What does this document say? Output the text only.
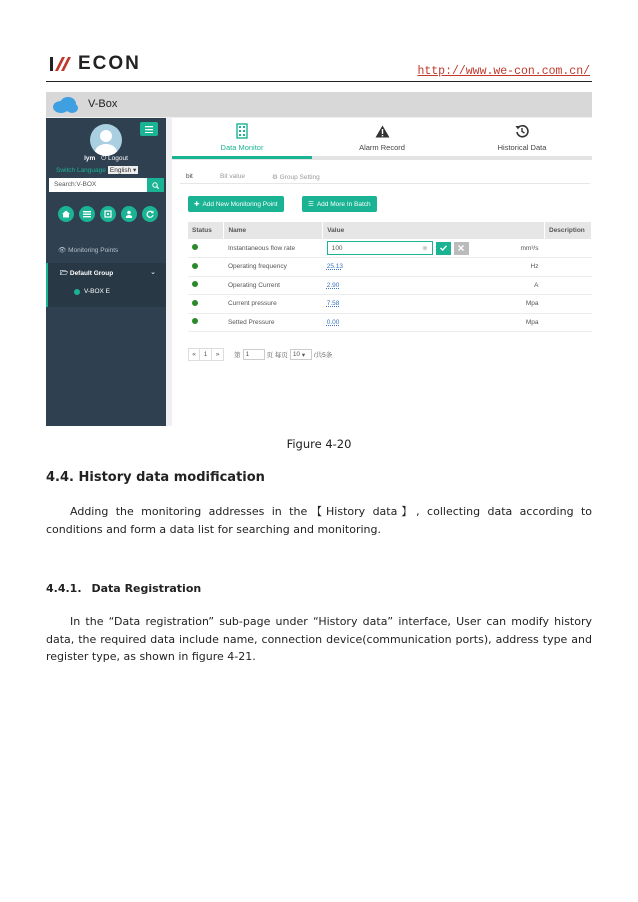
ECON	http://www.we-con.com.cn/
V-Box
lym ⏻ Logout
Switch Language English ▾
Search:V-BOX
👁 Monitoring Points
🗁 Default Group	⌄
V-BOX E
Data Monitor	Alarm Record	Historical Data
bit	Bit value	⚙ Group Setting
✚ Add New Monitoring Point	☰ Add More In Batch
Status	Name	Value	Description
	Instantaneous flow rate	100 ⊗ mm³/s	

	Operating frequency	25.13 Hz	

	Operating Current	2.90 A	

	Current pressure	7.58 Mpa	

	Setted Pressure	0.00 Mpa	

«	1	»	第 1	页 每页 10 ▾	/共5条
Figure 4-20
4.4. History data modification
Adding the monitoring addresses in the【History data】, collecting data according to conditions and form a data list for searching and monitoring.
4.4.1. Data Registration
In the “Data registration” sub-page under “History data” interface, User can modify history data, the required data include name, connection device(communication ports), address type and register type, as shown in figure 4-21.
